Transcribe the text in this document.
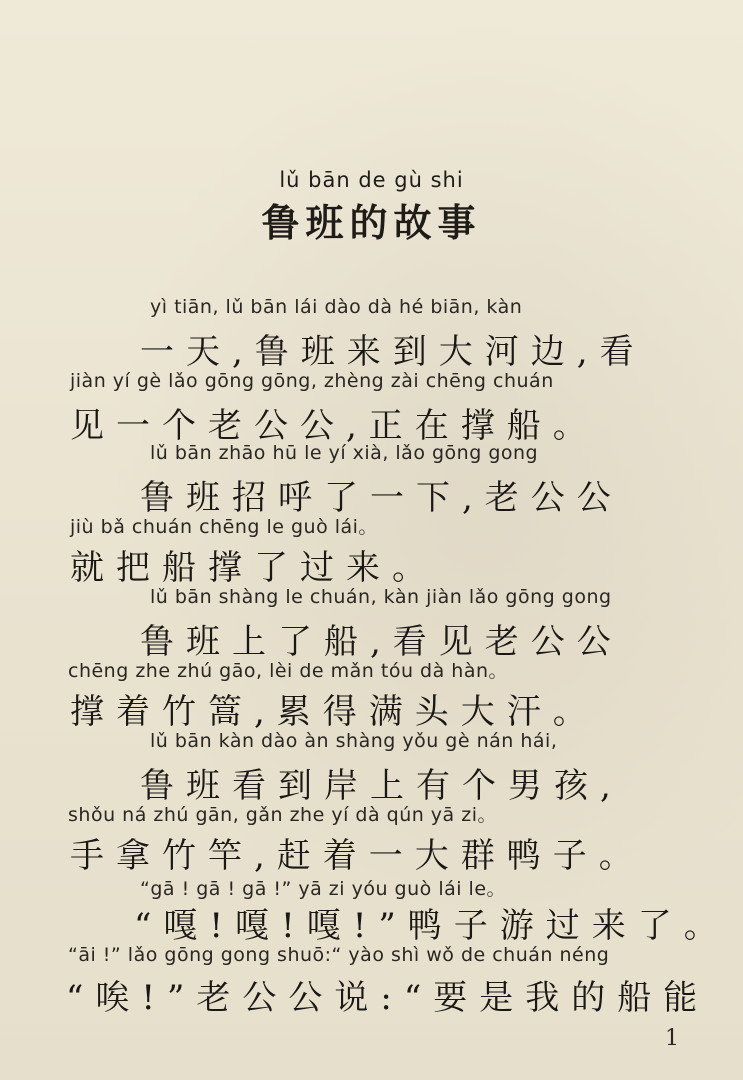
lǔ bān de gù shi
鲁班的故事
yì tiān, lǔ bān lái dào dà hé biān, kàn
一天,鲁班来到大河边,看
jiàn yí gè lǎo gōng gōng, zhèng zài chēng chuán
见一个老公公,正在撑船。
lǔ bān zhāo hū le yí xià, lǎo gōng gong
鲁班招呼了一下,老公公
jiù bǎ chuán chēng le guò lái。
就把船撑了过来。
lǔ bān shàng le chuán, kàn jiàn lǎo gōng gong
鲁班上了船,看见老公公
chēng zhe zhú gāo, lèi de mǎn tóu dà hàn。
撑着竹篙,累得满头大汗。
lǔ bān kàn dào àn shàng yǒu gè nán hái,
鲁班看到岸上有个男孩,
shǒu ná zhú gān, gǎn zhe yí dà qún yā zi。
手拿竹竿,赶着一大群鸭子。
“gā ! gā ! gā !” yā zi yóu guò lái le。
“嘎!嘎!嘎!”鸭子游过来了。
“āi !” lǎo gōng gong shuō:“ yào shì wǒ de chuán néng
“唉!”老公公说:“要是我的船能
1
